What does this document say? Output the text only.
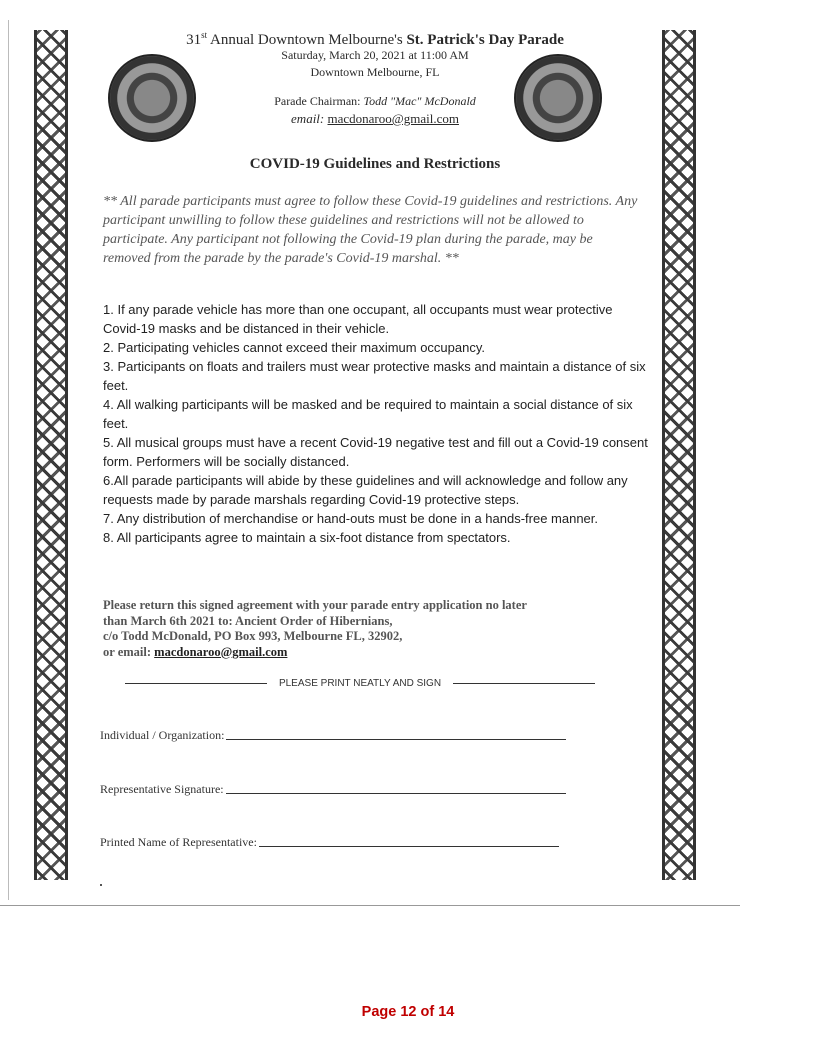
31st Annual Downtown Melbourne's St. Patrick's Day Parade
Saturday, March 20, 2021 at 11:00 AM
Downtown Melbourne, FL
Parade Chairman: Todd "Mac" McDonald
email: macdonaroo@gmail.com
COVID-19 Guidelines and Restrictions
** All parade participants must agree to follow these Covid-19 guidelines and restrictions. Any participant unwilling to follow these guidelines and restrictions will not be allowed to participate. Any participant not following the Covid-19 plan during the parade, may be removed from the parade by the parade's Covid-19 marshal. **

1. If any parade vehicle has more than one occupant, all occupants must wear protective Covid-19 masks and be distanced in their vehicle.

2. Participating vehicles cannot exceed their maximum occupancy.

3. Participants on floats and trailers must wear protective masks and maintain a distance of six feet.

4. All walking participants will be masked and be required to maintain a social distance of six feet.

5. All musical groups must have a recent Covid-19 negative test and fill out a Covid-19 consent form. Performers will be socially distanced.

6.All parade participants will abide by these guidelines and will acknowledge and follow any requests made by parade marshals regarding Covid-19 protective steps.

7. Any distribution of merchandise or hand-outs must be done in a hands-free manner.

8. All participants agree to maintain a six-foot distance from spectators.

Please return this signed agreement with your parade entry application no later
than March 6th 2021 to: Ancient Order of Hibernians,
c/o Todd McDonald, PO Box 993, Melbourne FL, 32902,
or email: macdonaroo@gmail.com
PLEASE PRINT NEATLY AND SIGN
Individual / Organization:
Representative Signature:
Printed Name of Representative:
Page 12 of 14
